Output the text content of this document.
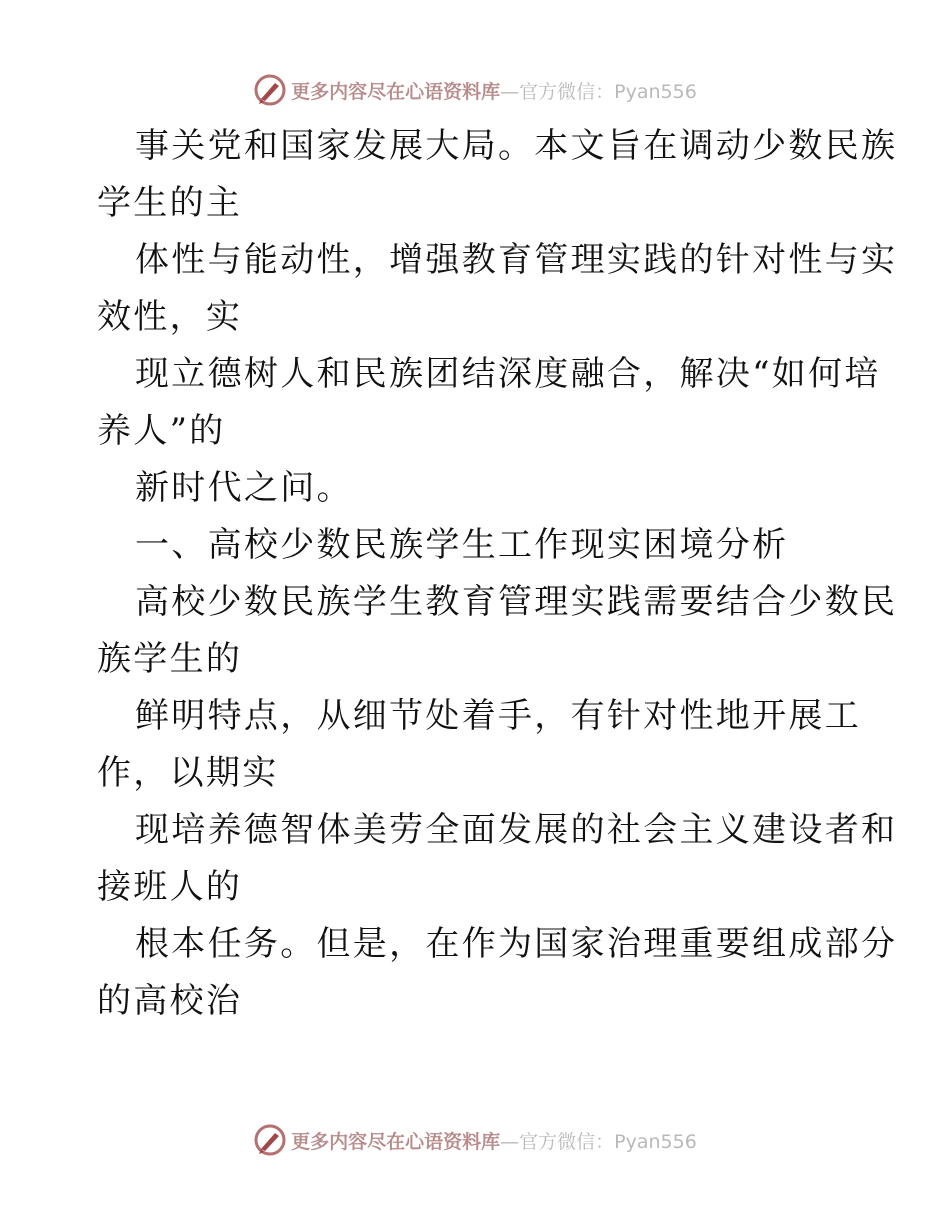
更多内容尽在心语资料库—官方微信：Pyan556
事关党和国家发展大局。本文旨在调动少数民族
学生的主
体性与能动性，增强教育管理实践的针对性与实
效性，实
现立德树人和民族团结深度融合，解决“如何培
养人”的
新时代之问。
一、高校少数民族学生工作现实困境分析
高校少数民族学生教育管理实践需要结合少数民
族学生的
鲜明特点，从细节处着手，有针对性地开展工
作，以期实
现培养德智体美劳全面发展的社会主义建设者和
接班人的
根本任务。但是，在作为国家治理重要组成部分
的高校治
更多内容尽在心语资料库—官方微信：Pyan556
